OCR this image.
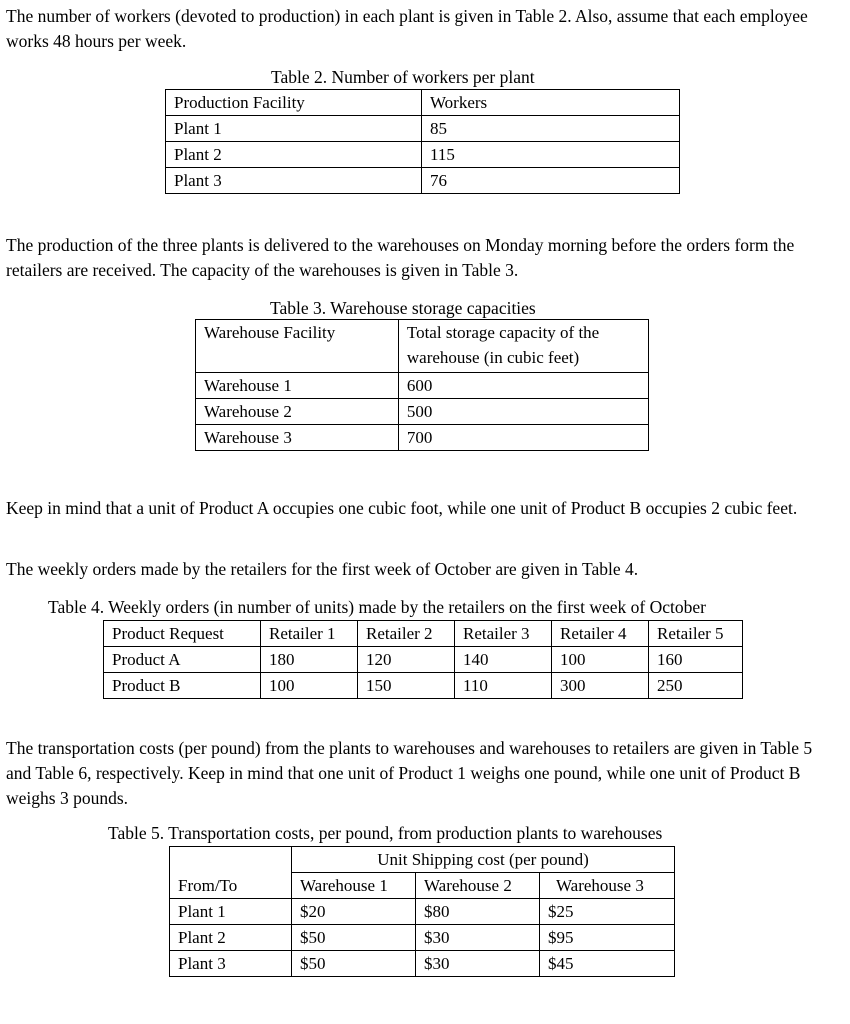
The number of workers (devoted to production) in each plant is given in Table 2. Also, assume that each employee works 48 hours per week.

Table 2. Number of workers per plant

Production Facility	Workers
Plant 1	85
Plant 2	115
Plant 3	76

The production of the three plants is delivered to the warehouses on Monday morning before the orders form the retailers are received. The capacity of the warehouses is given in Table 3.

Table 3. Warehouse storage capacities

Warehouse Facility	Total storage capacity of the warehouse (in cubic feet)
Warehouse 1	600
Warehouse 2	500
Warehouse 3	700

Keep in mind that a unit of Product A occupies one cubic foot, while one unit of Product B occupies 2 cubic feet.

The weekly orders made by the retailers for the first week of October are given in Table 4.

Table 4. Weekly orders (in number of units) made by the retailers on the first week of October

Product Request	Retailer 1	Retailer 2	Retailer 3	Retailer 4	Retailer 5
Product A	180	120	140	100	160
Product B	100	150	110	300	250

The transportation costs (per pound) from the plants to warehouses and warehouses to retailers are given in Table 5 and Table 6, respectively. Keep in mind that one unit of Product 1 weighs one pound, while one unit of Product B weighs 3 pounds.

Table 5. Transportation costs, per pound, from production plants to warehouses

	Unit Shipping cost (per pound)		
From/To	Warehouse 1	Warehouse 2	Warehouse 3
Plant 1	$20	$80	$25
Plant 2	$50	$30	$95
Plant 3	$50	$30	$45
